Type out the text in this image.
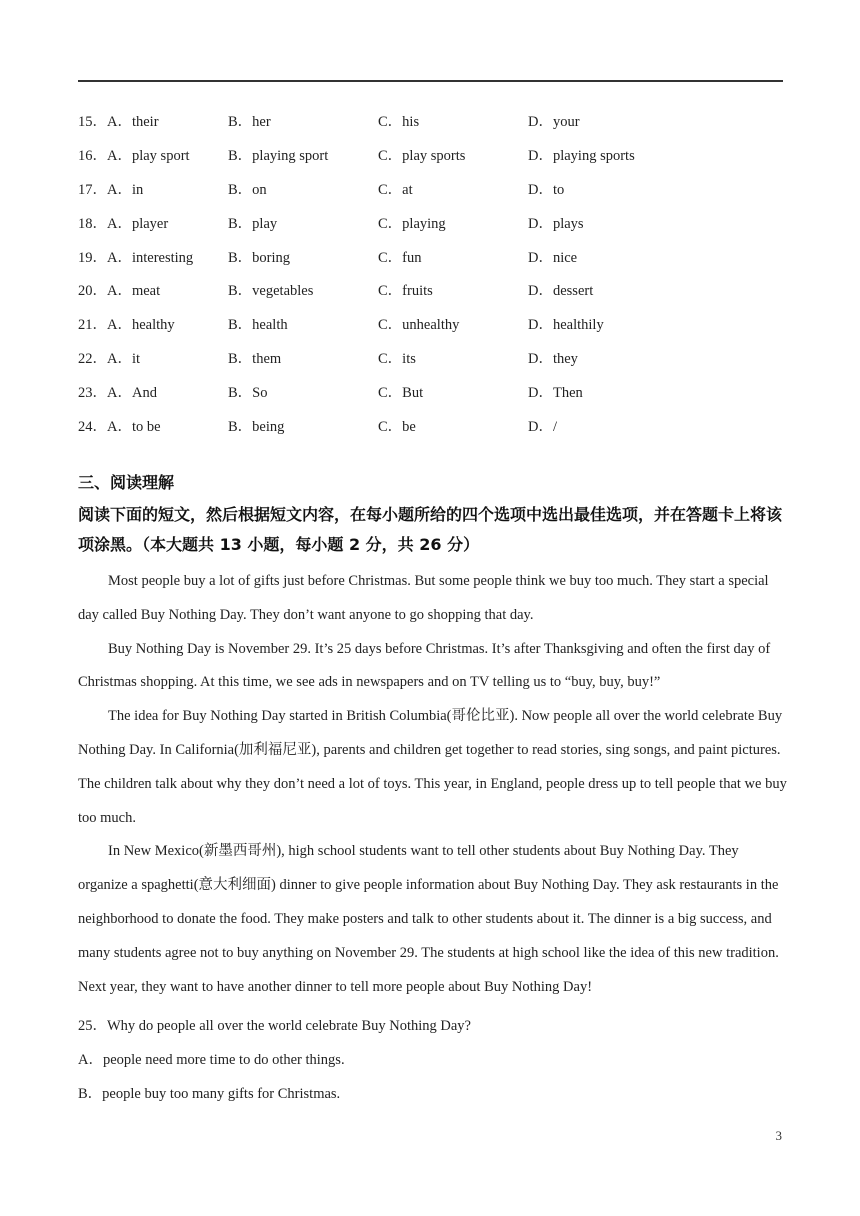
15．A．their	B．her	C．his	D．your
16．A．play sport	B．playing sport	C．play sports	D．playing sports
17．A．in	B．on	C．at	D．to
18．A．player	B．play	C．playing	D．plays
19．A．interesting	B．boring	C．fun	D．nice
20．A．meat	B．vegetables	C．fruits	D．dessert
21．A．healthy	B．health	C．unhealthy	D．healthily
22．A．it	B．them	C．its	D．they
23．A．And	B．So	C．But	D．Then
24．A．to be	B．being	C．be	D．/
三、阅读理解
阅读下面的短文，然后根据短文内容，在每小题所给的四个选项中选出最佳选项，并在答题卡上将该项涂黑。（本大题共 13 小题，每小题 2 分，共 26 分）

Most people buy a lot of gifts just before Christmas. But some people think we buy too much. They start a special day called Buy Nothing Day. They don’t want anyone to go shopping that day.

Buy Nothing Day is November 29. It’s 25 days before Christmas. It’s after Thanksgiving and often the first day of Christmas shopping. At this time, we see ads in newspapers and on TV telling us to “buy, buy, buy!”

The idea for Buy Nothing Day started in British Columbia(哥伦比亚). Now people all over the world celebrate Buy Nothing Day. In California(加利福尼亚), parents and children get together to read stories, sing songs, and paint pictures. The children talk about why they don’t need a lot of toys. This year, in England, people dress up to tell people that we buy too much.

In New Mexico(新墨西哥州), high school students want to tell other students about Buy Nothing Day. They organize a spaghetti(意大利细面) dinner to give people information about Buy Nothing Day. They ask restaurants in the neighborhood to donate the food. They make posters and talk to other students about it. The dinner is a big success, and many students agree not to buy anything on November 29. The students at high school like the idea of this new tradition. Next year, they want to have another dinner to tell more people about Buy Nothing Day!

25．Why do people all over the world celebrate Buy Nothing Day?
A．people need more time to do other things.
B．people buy too many gifts for Christmas.
3
